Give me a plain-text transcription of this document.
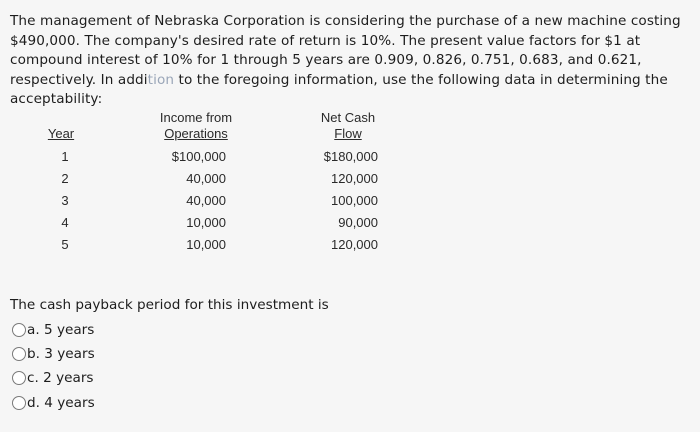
The management of Nebraska Corporation is considering the purchase of a new machine costing $490,000. The company's desired rate of return is 10%. The present value factors for $1 at compound interest of 10% for 1 through 5 years are 0.909, 0.826, 0.751, 0.683, and 0.621, respectively. In addition to the foregoing information, use the following data in determining the acceptability:
Year
1
2
3
4
5
Income from
Operations
$100,000
40,000
40,000
10,000
10,000
Net Cash
Flow
$180,000
120,000
100,000
90,000
120,000
The cash payback period for this investment is
a. 5 years
b. 3 years
c. 2 years
d. 4 years
